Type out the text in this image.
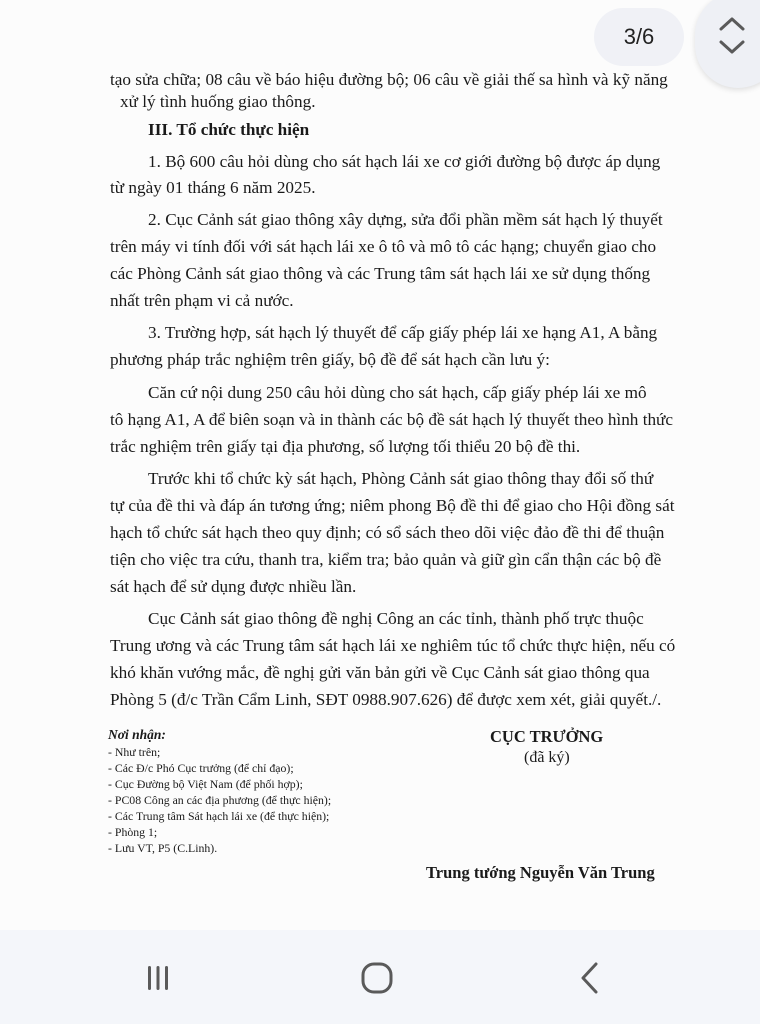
tạo sửa chữa; 08 câu về báo hiệu đường bộ; 06 câu về giải thế sa hình và kỹ năng
xử lý tình huống giao thông.
III. Tổ chức thực hiện
1. Bộ 600 câu hỏi dùng cho sát hạch lái xe cơ giới đường bộ được áp dụng
từ ngày 01 tháng 6 năm 2025.
2. Cục Cảnh sát giao thông xây dựng, sửa đổi phần mềm sát hạch lý thuyết
trên máy vi tính đối với sát hạch lái xe ô tô và mô tô các hạng; chuyển giao cho
các Phòng Cảnh sát giao thông và các Trung tâm sát hạch lái xe sử dụng thống
nhất trên phạm vi cả nước.
3. Trường hợp, sát hạch lý thuyết để cấp giấy phép lái xe hạng A1, A bằng
phương pháp trắc nghiệm trên giấy, bộ đề để sát hạch cần lưu ý:
Căn cứ nội dung 250 câu hỏi dùng cho sát hạch, cấp giấy phép lái xe mô
tô hạng A1, A để biên soạn và in thành các bộ đề sát hạch lý thuyết theo hình thức
trắc nghiệm trên giấy tại địa phương, số lượng tối thiểu 20 bộ đề thi.
Trước khi tổ chức kỳ sát hạch, Phòng Cảnh sát giao thông thay đổi số thứ
tự của đề thi và đáp án tương ứng; niêm phong Bộ đề thi để giao cho Hội đồng sát
hạch tổ chức sát hạch theo quy định; có sổ sách theo dõi việc đảo đề thi để thuận
tiện cho việc tra cứu, thanh tra, kiểm tra; bảo quản và giữ gìn cẩn thận các bộ đề
sát hạch để sử dụng được nhiều lần.
Cục Cảnh sát giao thông đề nghị Công an các tỉnh, thành phố trực thuộc
Trung ương và các Trung tâm sát hạch lái xe nghiêm túc tổ chức thực hiện, nếu có
khó khăn vướng mắc, đề nghị gửi văn bản gửi về Cục Cảnh sát giao thông qua
Phòng 5 (đ/c Trần Cẩm Linh, SĐT 0988.907.626) để được xem xét, giải quyết./.
Nơi nhận:
- Như trên;
- Các Đ/c Phó Cục trưởng (để chỉ đạo);
- Cục Đường bộ Việt Nam (để phối hợp);
- PC08 Công an các địa phương (để thực hiện);
- Các Trung tâm Sát hạch lái xe (để thực hiện);
- Phòng 1;
- Lưu VT, P5 (C.Linh).
CỤC TRƯỞNG
(đã ký)
Trung tướng Nguyễn Văn Trung
3/6
